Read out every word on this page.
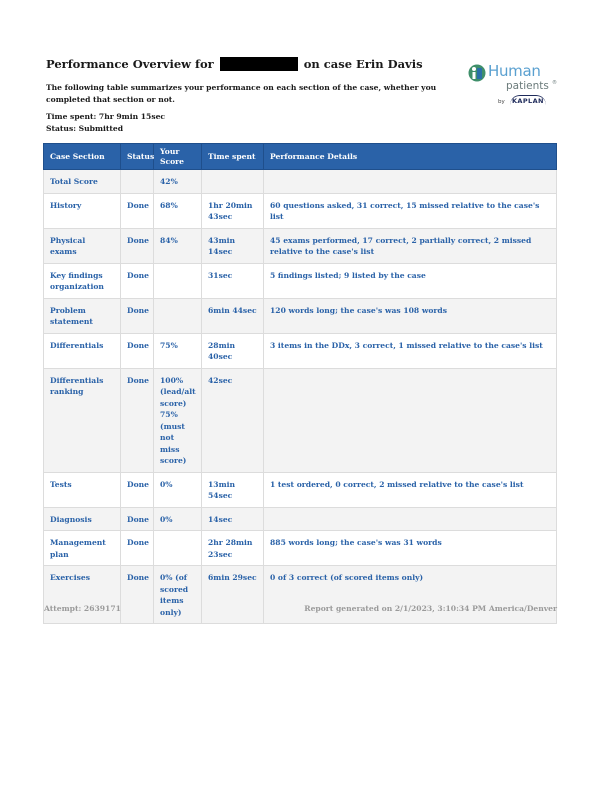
Performance Overview for	on case Erin Davis	Human
patients ®
by	KAPLAN
The following table summarizes your performance on each section of the case, whether you completed that section or not.
Time spent: 7hr 9min 15sec
Status: Submitted
Case Section	Status	Your Score	Time spent	Performance Details
Total Score		42%		
History	Done	68%	1hr 20min 43sec	60 questions asked, 31 correct, 15 missed relative to the case's list
Physical exams	Done	84%	43min 14sec	45 exams performed, 17 correct, 2 partially correct, 2 missed relative to the case's list
Key findings organization	Done		31sec	5 findings listed; 9 listed by the case
Problem statement	Done		6min 44sec	120 words long; the case's was 108 words
Differentials	Done	75%	28min 40sec	3 items in the DDx, 3 correct, 1 missed relative to the case's list
Differentials ranking	Done	100% (lead/alt score) 75% (must not miss score)	42sec	
Tests	Done	0%	13min 54sec	1 test ordered, 0 correct, 2 missed relative to the case's list
Diagnosis	Done	0%	14sec	
Management plan	Done		2hr 28min 23sec	885 words long; the case's was 31 words
Exercises	Done	0% (of scored items only)	6min 29sec	0 of 3 correct (of scored items only)
Attempt: 2639171	Report generated on 2/1/2023, 3:10:34 PM America/Denver
